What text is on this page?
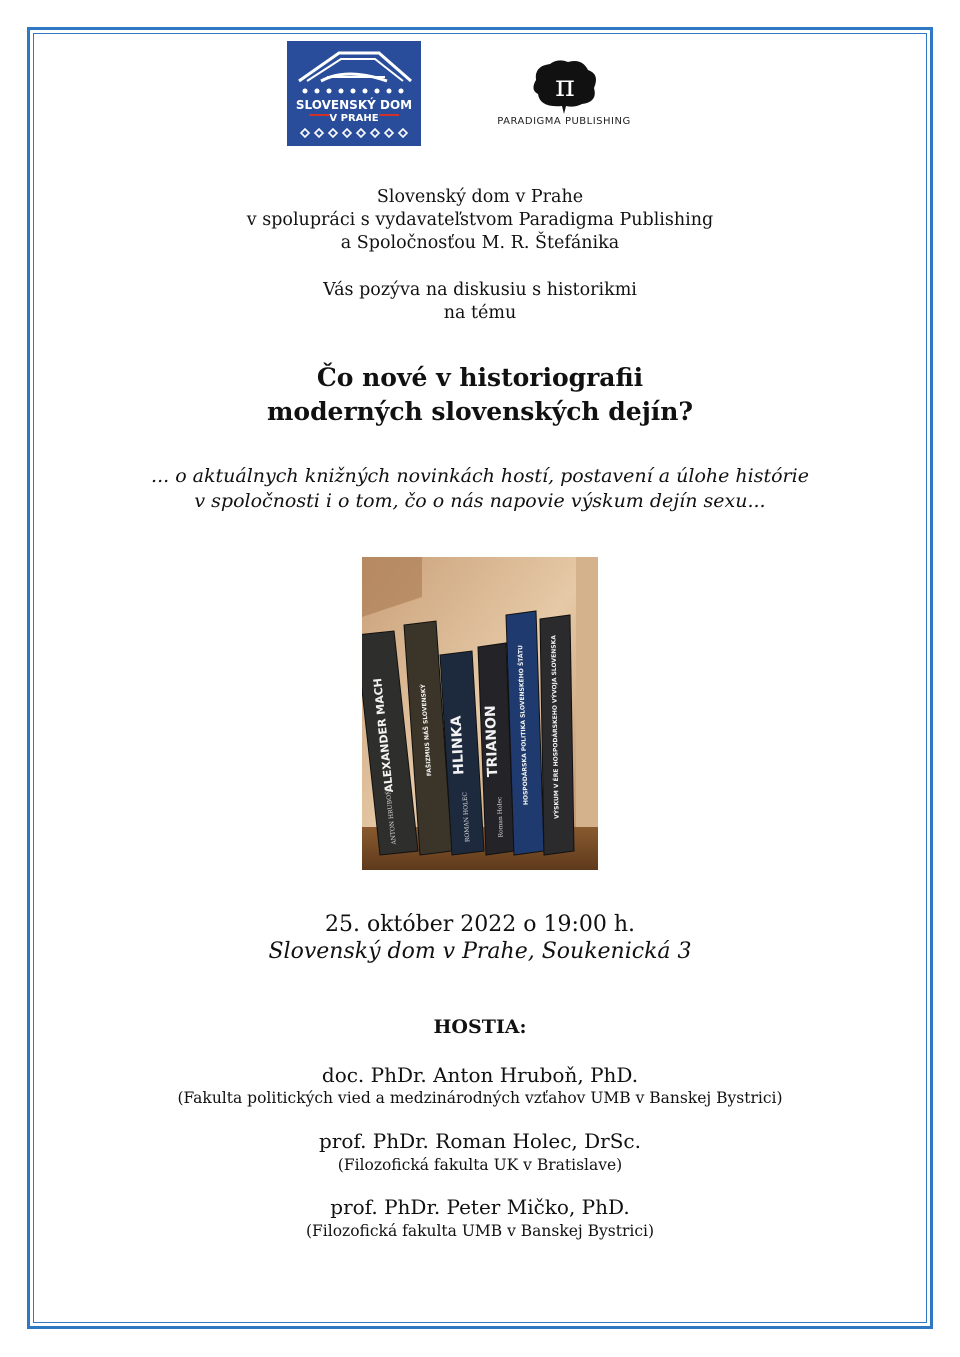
SLOVENSKÝ DOM
V PRAHE
π
PARADIGMA PUBLISHING
Slovenský dom v Prahe
v spolupráci s vydavateľstvom Paradigma Publishing
a Spoločnosťou M. R. Štefánika
Vás pozýva na diskusiu s historikmi
na tému
Čo nové v historiografii
moderných slovenských dejín?
... o aktuálnych knižných novinkách hostí, postavení a úlohe histórie
v spoločnosti i o tom, čo o nás napovie výskum dejín sexu...
ALEXANDER MACH
ANTON HRUBOŇ
FAŠIZMUS NÁŠ SLOVENSKÝ HLINKA
ROMAN HOLEC
TRIANON
Roman Holec
HOSPODÁRSKA POLITIKA SLOVENSKÉHO ŠTÁTU	VÝSKUM V ÉRE HOSPODÁRSKEHO VÝVOJA SLOVENSKA
25. október 2022 o 19:00 h.
Slovenský dom v Prahe, Soukenická 3
HOSTIA:
doc. PhDr. Anton Hruboň, PhD.
(Fakulta politických vied a medzinárodných vzťahov UMB v Banskej Bystrici)
prof. PhDr. Roman Holec, DrSc.
(Filozofická fakulta UK v Bratislave)
prof. PhDr. Peter Mičko, PhD.
(Filozofická fakulta UMB v Banskej Bystrici)
